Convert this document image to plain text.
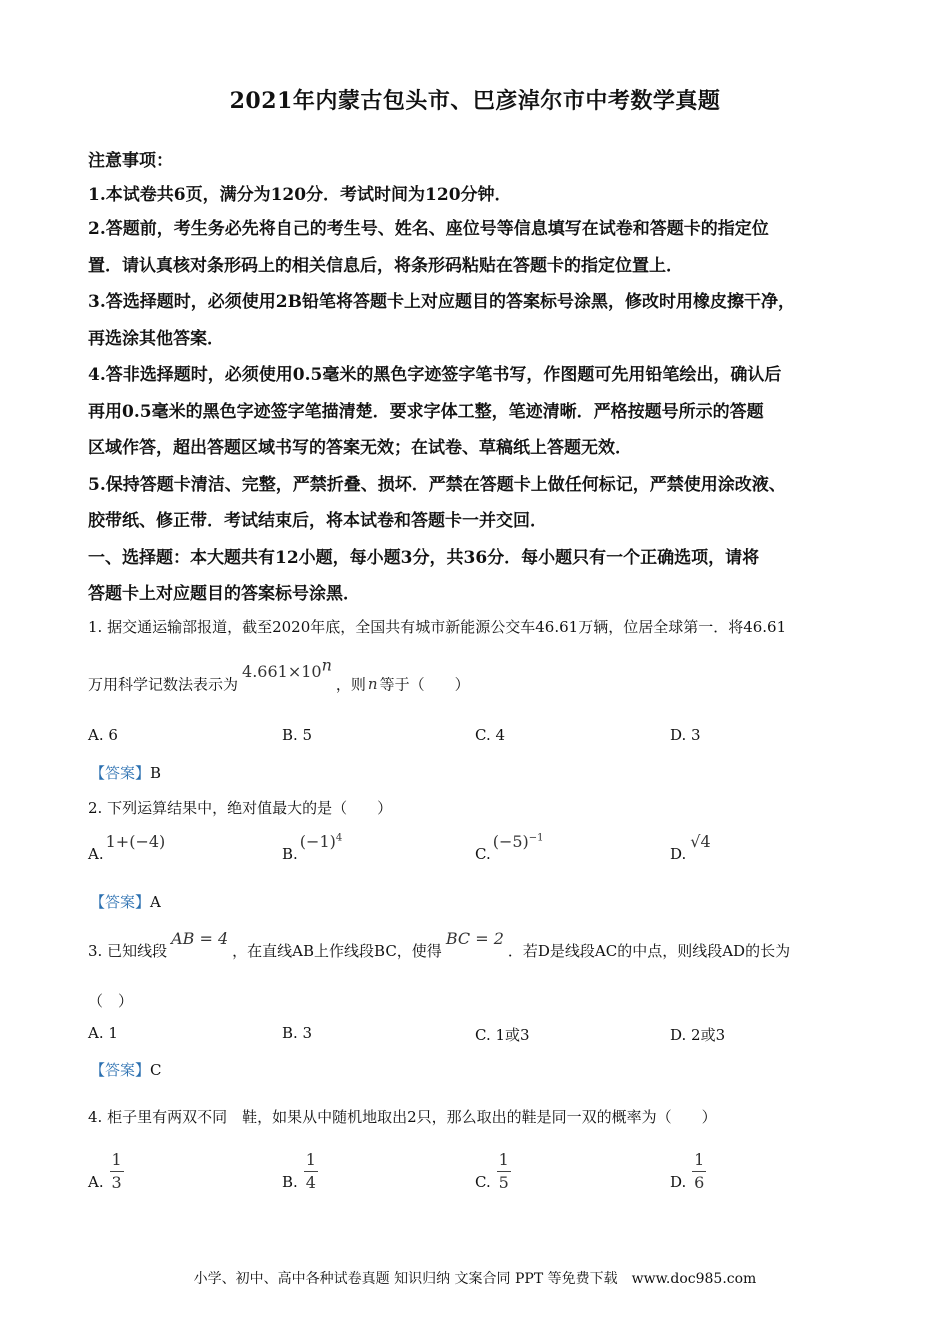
2021年内蒙古包头市、巴彦淖尔市中考数学真题
注意事项：
1.本试卷共6页，满分为120分．考试时间为120分钟．
2.答题前，考生务必先将自己的考生号、姓名、座位号等信息填写在试卷和答题卡的指定位
置．请认真核对条形码上的相关信息后，将条形码粘贴在答题卡的指定位置上．
3.答选择题时，必须使用2B铅笔将答题卡上对应题目的答案标号涂黑，修改时用橡皮擦干净，
再选涂其他答案．
4.答非选择题时，必须使用0.5毫米的黑色字迹签字笔书写，作图题可先用铅笔绘出，确认后
再用0.5毫米的黑色字迹签字笔描清楚．要求字体工整，笔迹清晰．严格按题号所示的答题
区域作答，超出答题区域书写的答案无效；在试卷、草稿纸上答题无效．
5.保持答题卡清洁、完整，严禁折叠、损坏．严禁在答题卡上做任何标记，严禁使用涂改液、
胶带纸、修正带．考试结束后，将本试卷和答题卡一并交回．
一、选择题：本大题共有12小题，每小题3分，共36分．每小题只有一个正确选项，请将
答题卡上对应题目的答案标号涂黑．
1. 据交通运输部报道，截至2020年底，全国共有城市新能源公交车46.61万辆，位居全球第一．将46.61
万用科学记数法表示为$4.661\times 10^n$，则 n 等于（　　）
A. 6	B. 5	C. 4	D. 3
【答案】B
2. 下列运算结果中，绝对值最大的是（　　）
A.1+(−4)
$B.(-1)^4$
$C.(-5)^{-1}$
D.√4
【答案】A
3. 已知线段AB = 4，在直线AB上作线段BC，使得BC = 2．若D是线段AC的中点，则线段AD的长为
（　）
A. 1	B. 3	C. 1或3	D. 2或3
【答案】C
4. 柜子里有两双不同　鞋，如果从中随机地取出2只，那么取出的鞋是同一双的概率为（　　）
A. $\frac{1}{3}$	B. $\frac{1}{4}$	C. $\frac{1}{5}$	D. $\frac{1}{6}$
小学、初中、高中各种试卷真题 知识归纳 文案合同 PPT 等免费下载　www.doc985.com
